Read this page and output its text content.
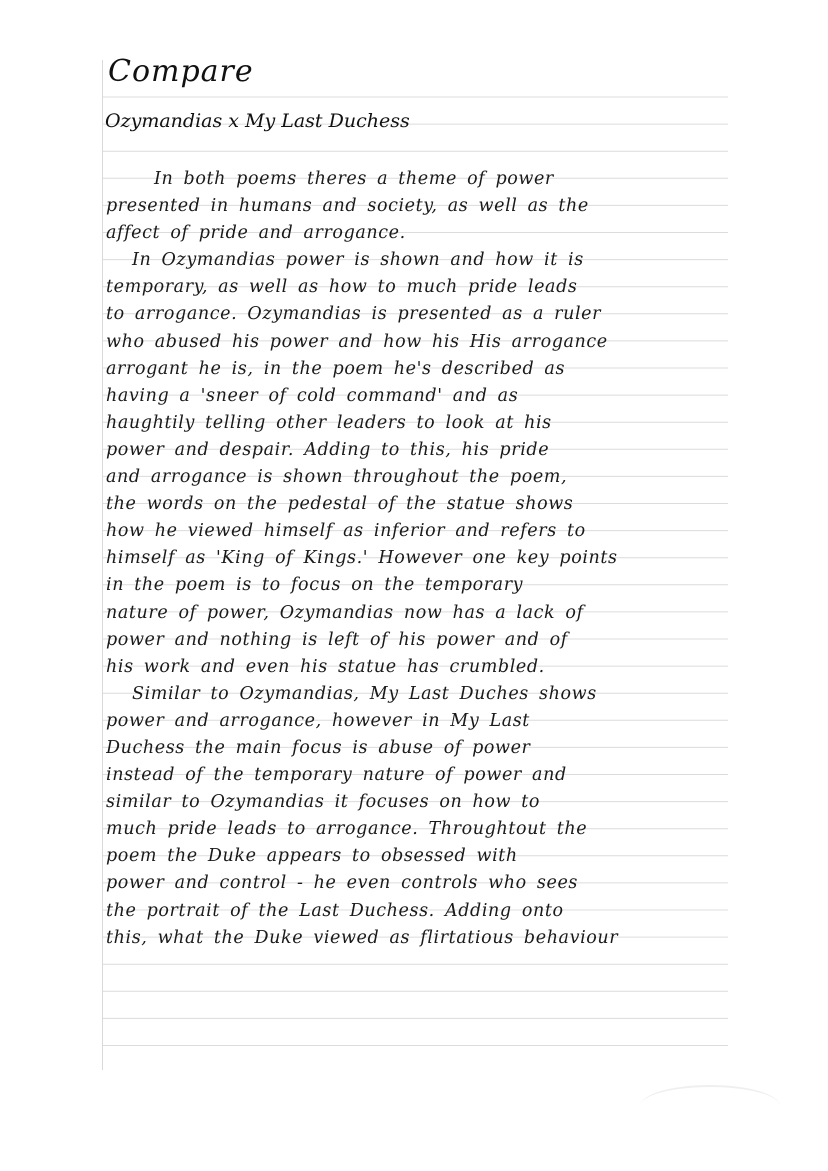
Compare
Ozymandias x My Last Duchess
In both poems theres a theme of power
presented in humans and society, as well as the
affect of pride and arrogance.
In Ozymandias power is shown and how it is
temporary, as well as how to much pride leads
to arrogance. Ozymandias is presented as a ruler
who abused his power and how his His arrogance
arrogant he is, in the poem he's described as
having a 'sneer of cold command' and as
haughtily telling other leaders to look at his
power and despair. Adding to this, his pride
and arrogance is shown throughout the poem,
the words on the pedestal of the statue shows
how he viewed himself as inferior and refers to
himself as 'King of Kings.' However one key points
in the poem is to focus on the temporary
nature of power, Ozymandias now has a lack of
power and nothing is left of his power and of
his work and even his statue has crumbled.
Similar to Ozymandias, My Last Duches shows
power and arrogance, however in My Last
Duchess the main focus is abuse of power
instead of the temporary nature of power and
similar to Ozymandias it focuses on how to
much pride leads to arrogance. Throughtout the
poem the Duke appears to obsessed with
power and control - he even controls who sees
the portrait of the Last Duchess. Adding onto
this, what the Duke viewed as flirtatious behaviour
